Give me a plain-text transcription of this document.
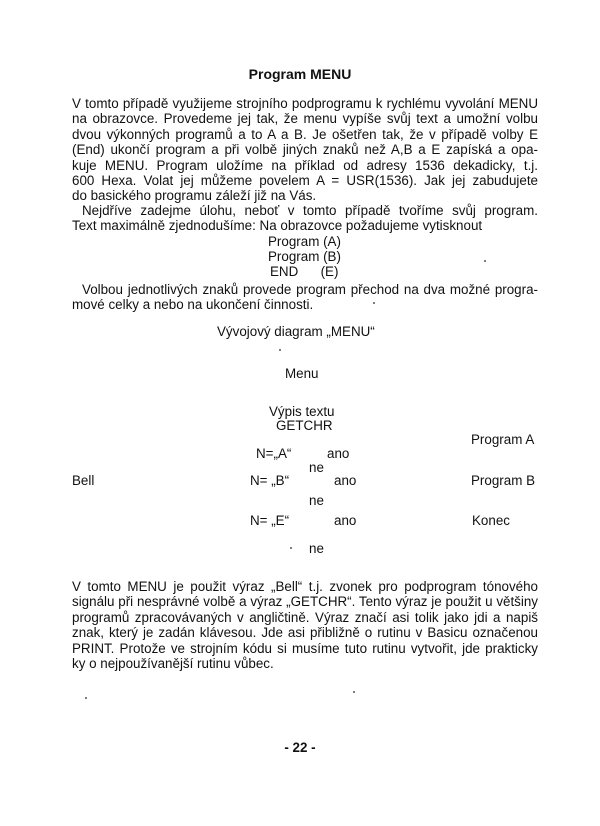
Program MENU
V tomto případě využijeme strojního podprogramu k rychlému vyvolání MENU
na obrazovce. Provedeme jej tak, že menu vypíše svůj text a umožní volbu
dvou výkonných programů a to A a B. Je ošetřen tak, že v případě volby E
(End) ukončí program a při volbě jiných znaků než A,B a E zapíská a opa-
kuje MENU. Program uložíme na příklad od adresy 1536 dekadicky, t.j.
600 Hexa. Volat jej můžeme povelem A = USR(1536). Jak jej zabudujete
do basického programu záleží již na Vás.
Nejdříve zadejme úlohu, neboť v tomto případě tvoříme svůj program.
Text maximálně zjednodušíme: Na obrazovce požadujeme vytisknout
Program (A)
Program (B)
END      (E)
Volbou jednotlivých znaků provede program přechod na dva možné progra-
mové celky a nebo na ukončení činnosti.
Vývojový diagram „MENU“
Menu
Výpis textu
GETCHR
Program A
N=„A“	ano
ne
Bell	N= „B“	ano	Program B
ne
N= „E“	ano	Konec
ne
V tomto MENU je použit výraz „Bell“ t.j. zvonek pro podprogram tónového
signálu při nesprávné volbě a výraz „GETCHR“. Tento výraz je použit u většiny
programů zpracovávaných v angličtině. Výraz značí asi tolik jako jdi a napiš
znak, který je zadán klávesou. Jde asi přibližně o rutinu v Basicu označenou
PRINT. Protože ve strojním kódu si musíme tuto rutinu vytvořit, jde prakticky
ky o nejpoužívanější rutinu vůbec.
- 22 -
